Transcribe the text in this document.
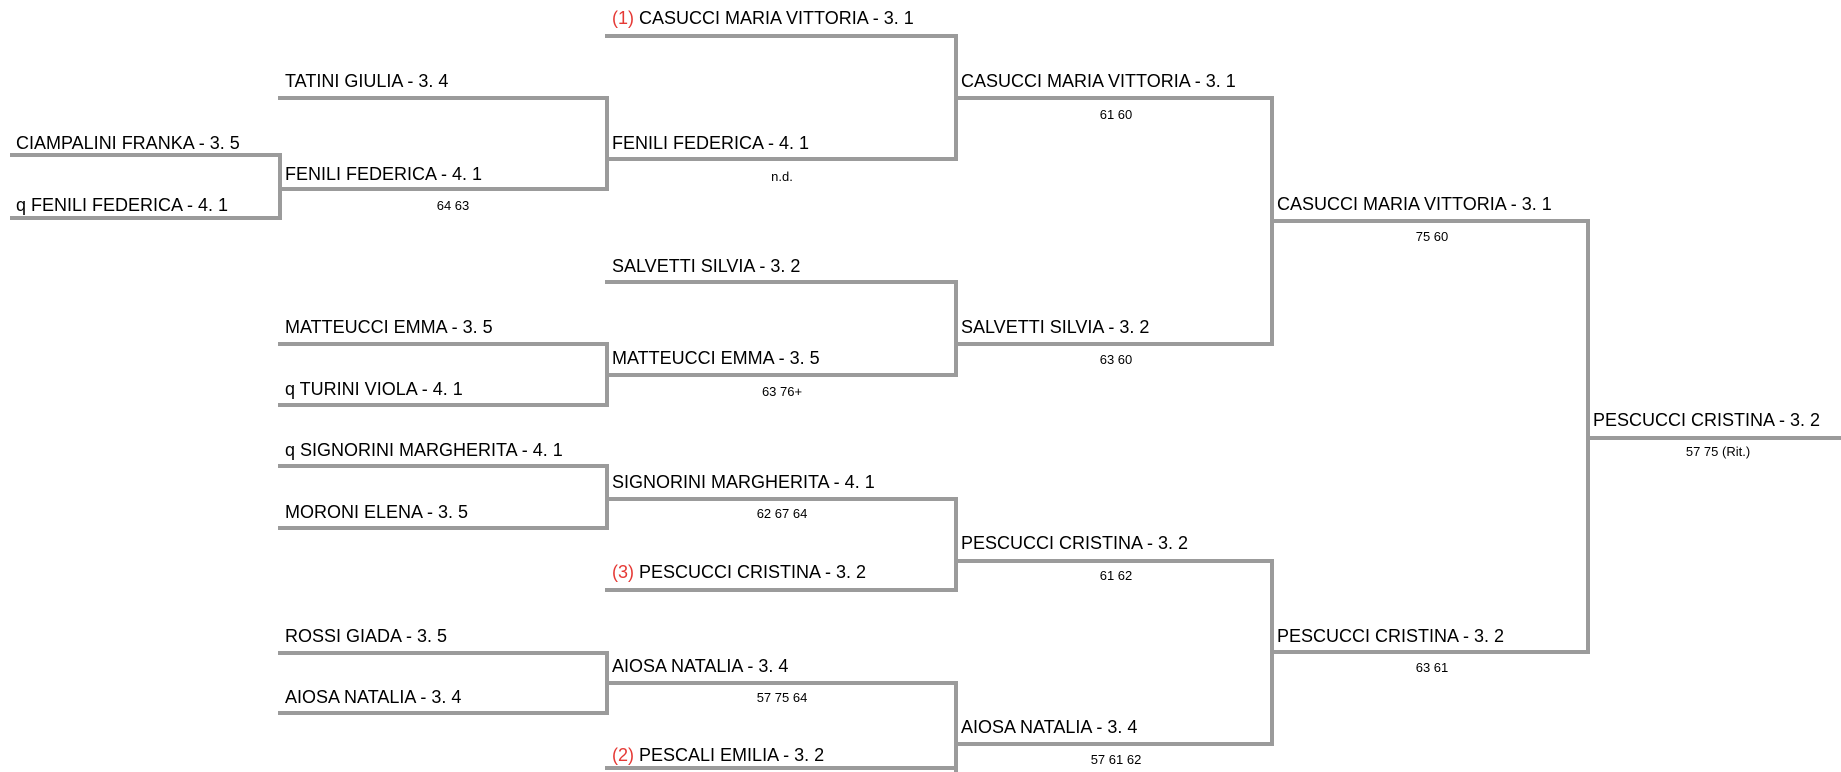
CIAMPALINI FRANKA - 3. 5
q FENILI FEDERICA - 4. 1
TATINI GIULIA - 3. 4
FENILI FEDERICA - 4. 1
64 63
MATTEUCCI EMMA - 3. 5
q TURINI VIOLA - 4. 1
q SIGNORINI MARGHERITA - 4. 1
MORONI ELENA - 3. 5
ROSSI GIADA - 3. 5
AIOSA NATALIA - 3. 4
(1) CASUCCI MARIA VITTORIA - 3. 1
FENILI FEDERICA - 4. 1
n.d.
SALVETTI SILVIA - 3. 2
MATTEUCCI EMMA - 3. 5
63 76+
SIGNORINI MARGHERITA - 4. 1
62 67 64
(3) PESCUCCI CRISTINA - 3. 2
AIOSA NATALIA - 3. 4
57 75 64
(2) PESCALI EMILIA - 3. 2
CASUCCI MARIA VITTORIA - 3. 1
61 60
SALVETTI SILVIA - 3. 2
63 60
PESCUCCI CRISTINA - 3. 2
61 62
AIOSA NATALIA - 3. 4
57 61 62
CASUCCI MARIA VITTORIA - 3. 1
75 60
PESCUCCI CRISTINA - 3. 2
63 61
PESCUCCI CRISTINA - 3. 2
57 75 (Rit.)
